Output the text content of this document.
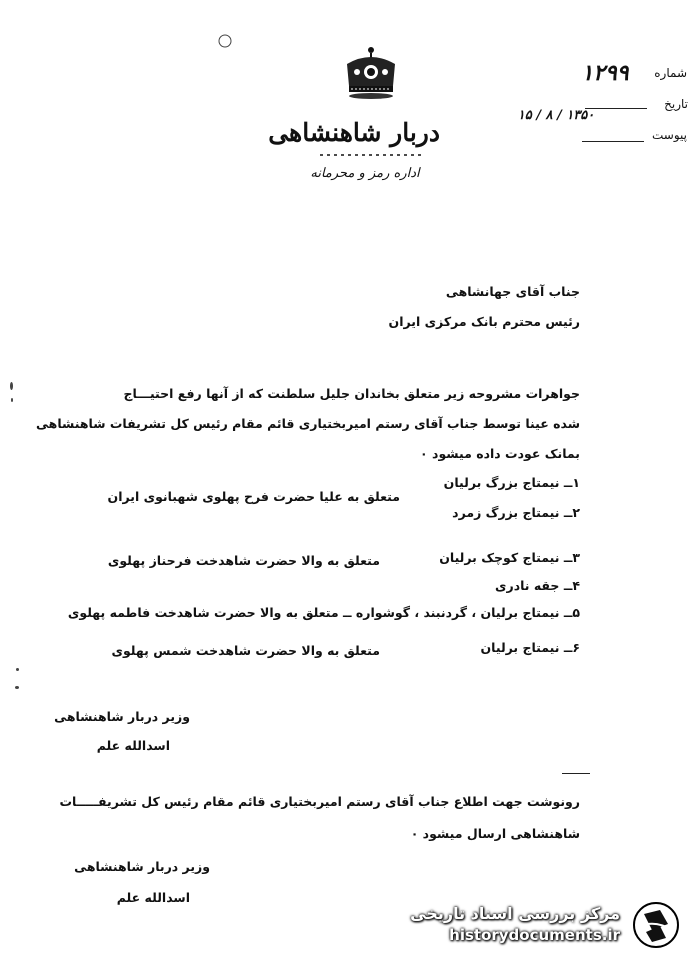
دربار شاهنشاهی
اداره رمز و محرمانه
شماره
۱۲۹۹
تاریخ
۱۳۵۰ / ۸ / ۱۵
پیوست
جناب آقای جهانشاهی
رئیس محترم بانک مرکزی ایران
جواهرات مشروحه زیر متعلق بخاندان جلیل سلطنت که از آنها رفع احتیـــاج
شده عینا توسط جناب آقای رستم امیربختیاری قائم مقام رئیس کل تشریفات شاهنشاهی
بمانک عودت داده میشود ٠
۱ــ نیمتاج بزرگ برلیان
۲ــ نیمتاج بزرگ زمرد
متعلق به علیا حضرت فرح پهلوی شهبانوی ایران
۳ــ نیمتاج کوچک برلیان
متعلق به والا حضرت شاهدخت فرحناز پهلوی
۴ــ جقه نادری
۵ــ نیمتاج برلیان ، گردنبند ، گوشواره ــ متعلق به والا حضرت شاهدخت فاطمه پهلوی
۶ــ نیمتاج برلیان
متعلق به والا حضرت شاهدخت شمس پهلوی
وزیر دربار شاهنشاهی
اسدالله علم
رونوشت جهت اطلاع جناب آقای رستم امیربختیاری قائم مقام رئیس کل تشریفـــــات
شاهنشاهی ارسال میشود ٠
وزیر دربار شاهنشاهی
اسدالله علم
مرکز بررسی اسناد تاریخی
historydocuments.ir
